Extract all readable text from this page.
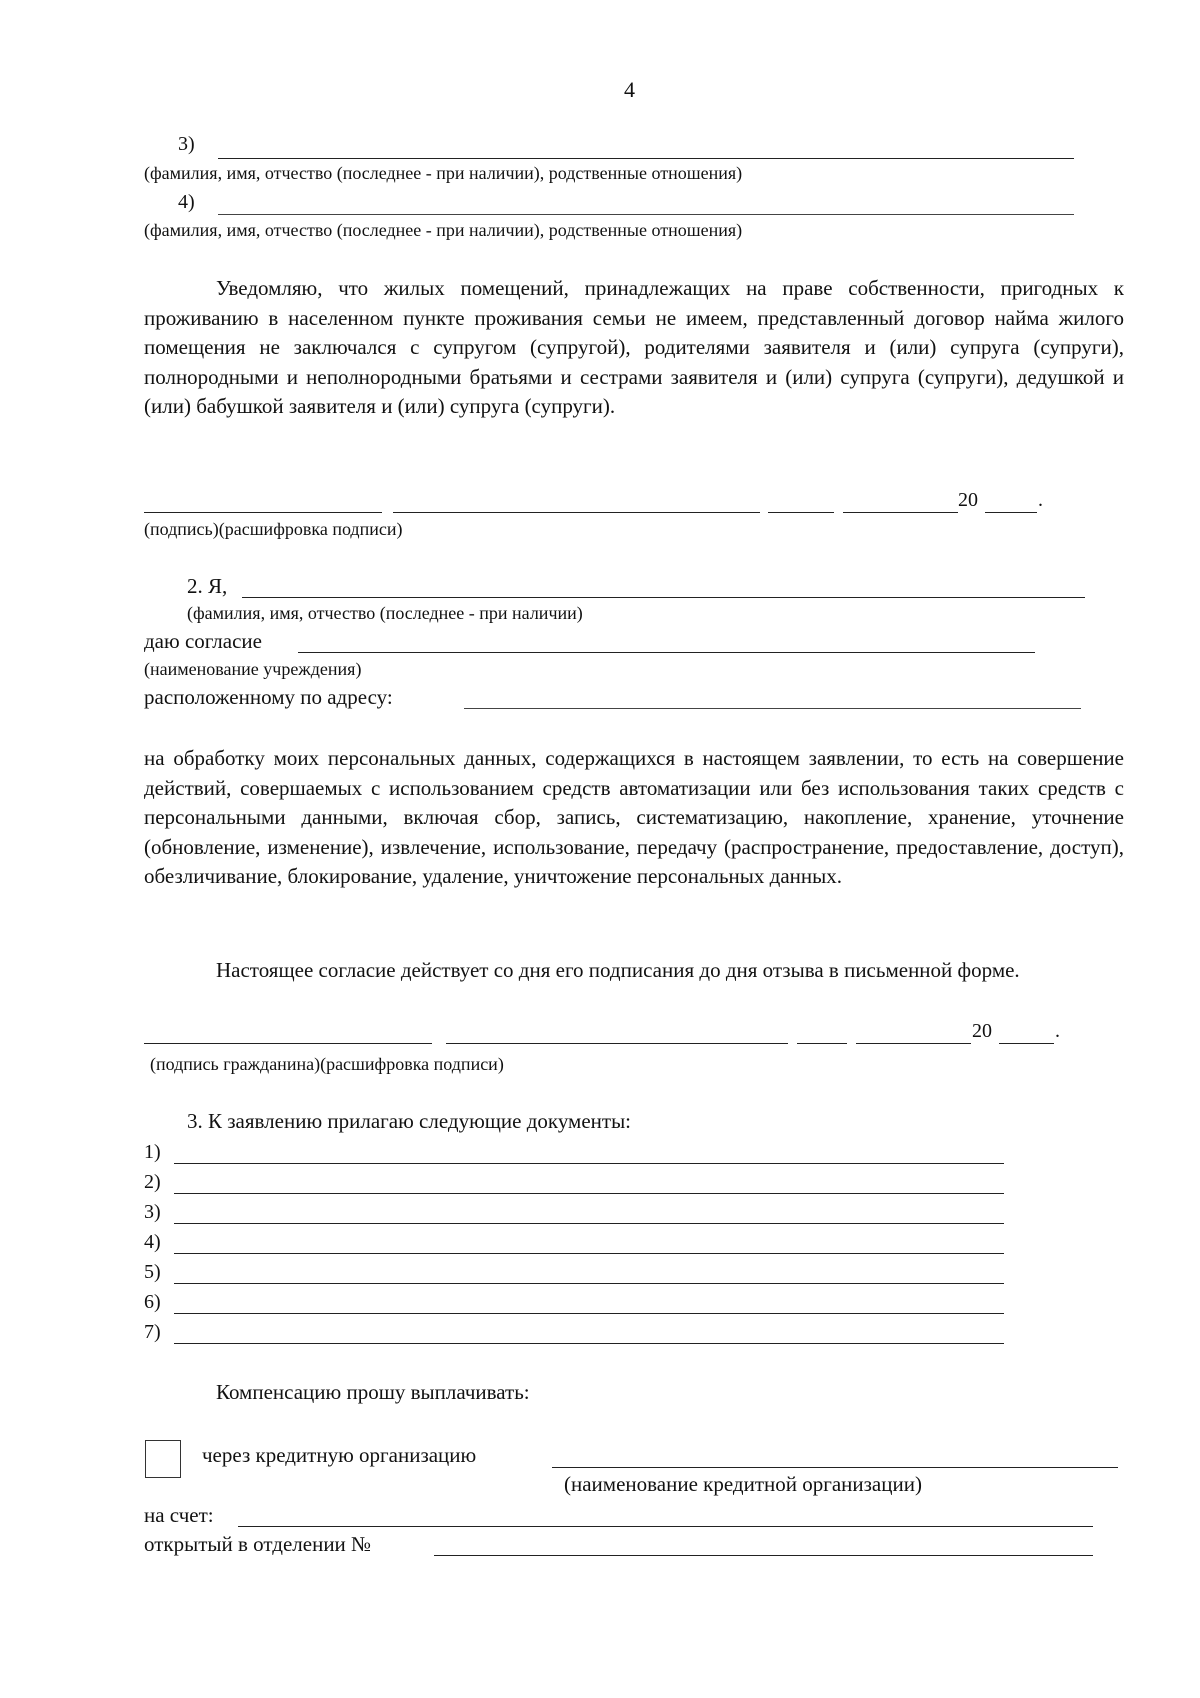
4
3)
(фамилия, имя, отчество (последнее - при наличии), родственные отношения)
4)
(фамилия, имя, отчество (последнее - при наличии), родственные отношения)
Уведомляю, что жилых помещений, принадлежащих на праве собственности, пригодных к проживанию в населенном пункте проживания семьи не имеем, представленный договор найма жилого помещения не заключался с супругом (супругой), родителями заявителя и (или) супруга (супруги), полнородными и неполнородными братьями и сестрами заявителя и (или) супруга (супруги), дедушкой и (или) бабушкой заявителя и (или) супруга (супруги).
20	.
(подпись)(расшифровка подписи)
2. Я,
(фамилия, имя, отчество (последнее - при наличии)
даю согласие
(наименование учреждения)
расположенному по адресу:
на обработку моих персональных данных, содержащихся в настоящем заявлении, то есть на совершение действий, совершаемых с использованием средств автоматизации или без использования таких средств с персональными данными, включая сбор, запись, систематизацию, накопление, хранение, уточнение (обновление, изменение), извлечение, использование, передачу (распространение, предоставление, доступ), обезличивание, блокирование, удаление, уничтожение персональных данных.
Настоящее согласие действует со дня его подписания до дня отзыва в письменной форме.
20	.
(подпись гражданина)(расшифровка подписи)
3. К заявлению прилагаю следующие документы:
1)
2)
3)
4)
5)
6)
7)
Компенсацию прошу выплачивать:
через кредитную организацию
(наименование кредитной организации)
на счет:
открытый в отделении №
